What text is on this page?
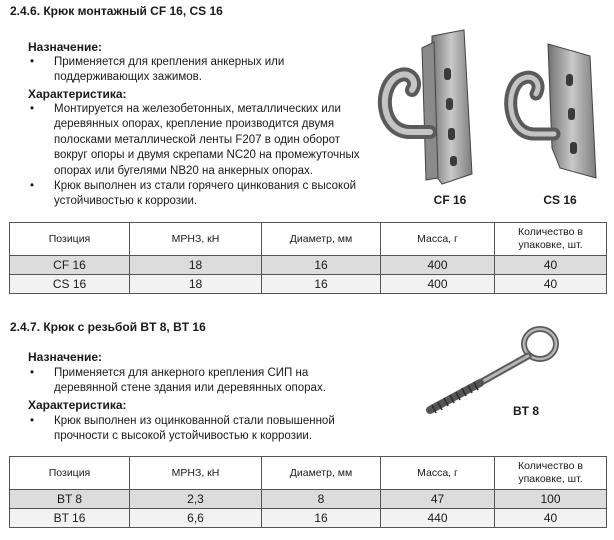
2.4.6. Крюк монтажный CF 16, CS 16
Назначение:
•	Применяется для крепления анкерных или поддерживающих зажимов.
Характеристика:
•	Монтируется на железобетонных, металлических или деревянных опорах, крепление производится двумя полосками металлической ленты F207 в один оборот вокруг опоры и двумя скрепами NC20 на промежуточных опорах или бугелями NB20 на анкерных опорах.
•	Крюк выполнен из стали горячего цинкования с высокой устойчивостью к коррозии.	CF 16	CS 16
Позиция	МРНЗ, кН	Диаметр, мм	Масса, г	Количество в упаковке, шт.
CF 16	18	16	400	40
CS 16	18	16	400	40
2.4.7. Крюк с резьбой BT 8, BT 16
Назначение:
•	Применяется для анкерного крепления СИП на деревянной стене здания или деревянных опорах.
Характеристика:
•	Крюк выполнен из оцинкованной стали повышенной прочности с высокой устойчивостью к коррозии.
BT 8
Позиция	МРНЗ, кН	Диаметр, мм	Масса, г	Количество в упаковке, шт.
BT 8	2,3	8	47	100
BT 16	6,6	16	440	40
